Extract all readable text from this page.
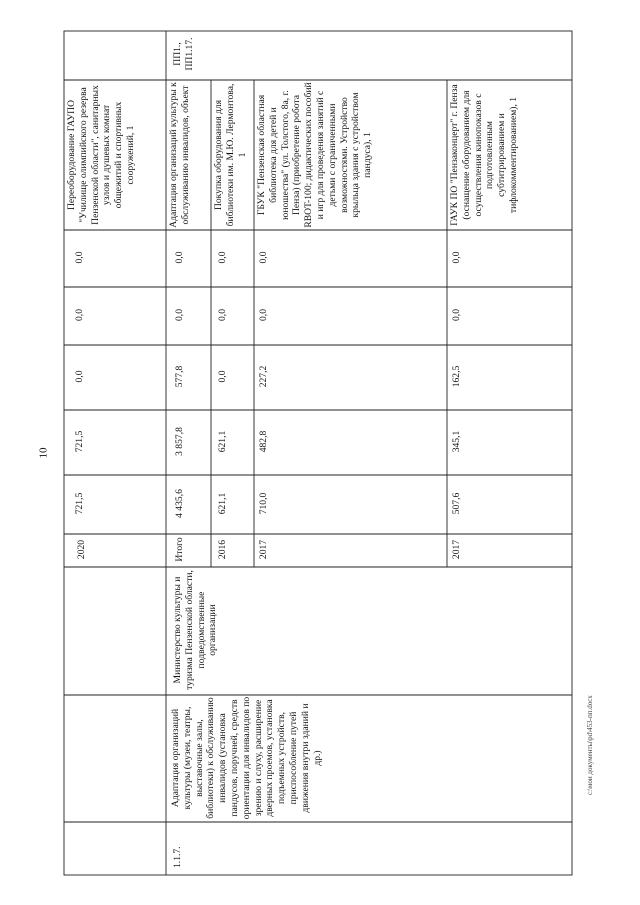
10
c:\мои документы\pd\453-пп.docx
2020
721,5
721,5
0,0
0,0
0,0
Переоборудование ГАУПО "Училище олимпийского резерва Пензенской области", санитарных узлов и душевых комнат общежитий и спортивных сооружений, 1
1.1.7.
Адаптация организаций культуры (музеи, театры, выставочные залы, библиотеки) к обслуживанию инвалидов (установка пандусов, поручней, средств ориентации для инвалидов по зрению и слуху, расширение дверных проемов, установка подъемных устройств, приспособление путей движения внутри зданий и др.)
Министерство культуры и туризма Пензенской области, подведомственные организации
Итого
4 435,6
3 857,8
577,8
0,0
0,0
Адаптация организаций культуры к обслуживанию инвалидов, объект
2016
621,1
621,1
0,0
0,0
0,0
Покупка оборудования для библиотеки им. М.Ю. Лермонтова, 1
2017
710,0
482,8
227,2
0,0
0,0
ГБУК "Пензенская областная библиотека для детей и юношества" (ул. Толстого, 8а, г. Пенза) (приобретение робота RBOT-100; дидактических пособий и игр для проведения занятий с детьми с ограниченными возможностями. Устройство крыльца здания с устройством пандуса), 1
2017
507,6
345,1
162,5
0,0
0,0
ГАУК ПО "Пензаконцерт" г. Пенза (оснащение оборудованием для осуществления кинопоказов с подготовленным субтитрированием и тифлокомментированием), 1
ПП1., ПП1.17.
